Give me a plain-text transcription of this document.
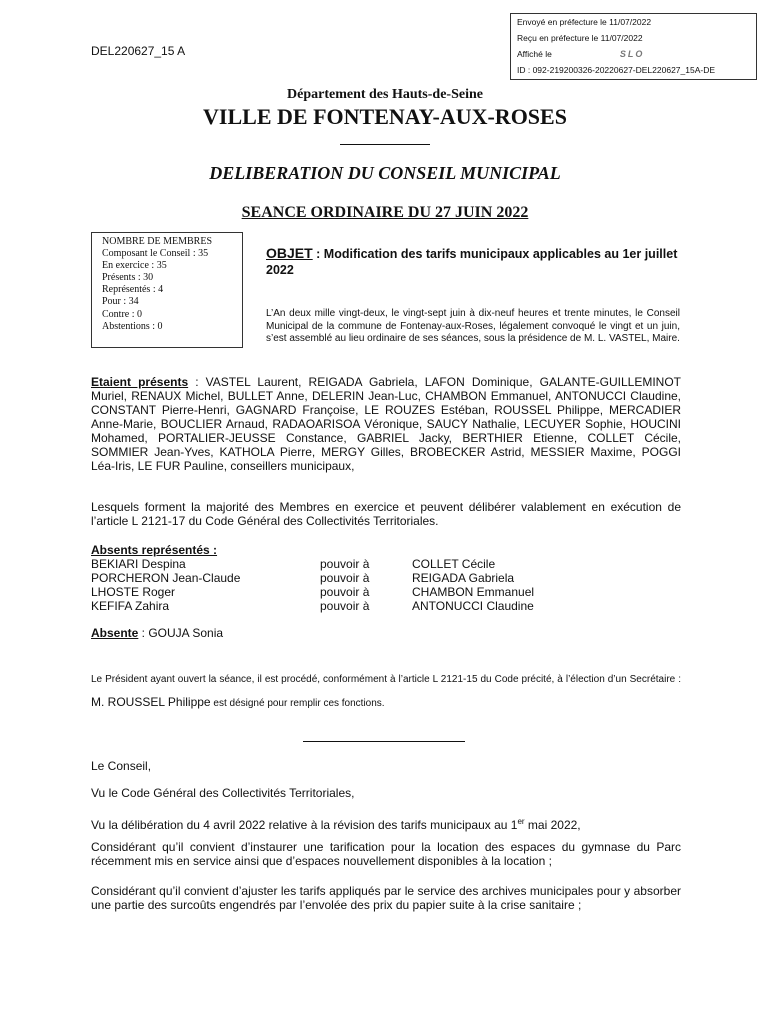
Envoyé en préfecture le 11/07/2022
Reçu en préfecture le 11/07/2022
Affiché le	SLO
ID : 092-219200326-20220627-DEL220627_15A-DE
DEL220627_15 A
Département des Hauts-de-Seine
VILLE DE FONTENAY-AUX-ROSES
DELIBERATION DU CONSEIL MUNICIPAL
SEANCE ORDINAIRE DU 27 JUIN 2022
NOMBRE DE MEMBRES
Composant le Conseil : 35
En exercice : 35
Présents : 30
Représentés : 4
Pour : 34
Contre : 0
Abstentions : 0
OBJET : Modification des tarifs municipaux applicables au 1er juillet 2022
L’An deux mille vingt-deux, le vingt-sept juin à dix-neuf heures et trente minutes, le Conseil Municipal de la commune de Fontenay-aux-Roses, légalement convoqué le vingt et un juin, s’est assemblé au lieu ordinaire de ses séances, sous la présidence de M. L. VASTEL, Maire.
Etaient présents : VASTEL Laurent, REIGADA Gabriela, LAFON Dominique, GALANTE-GUILLEMINOT Muriel, RENAUX Michel, BULLET Anne, DELERIN Jean-Luc, CHAMBON Emmanuel, ANTONUCCI Claudine, CONSTANT Pierre-Henri, GAGNARD Françoise, LE ROUZES Estéban, ROUSSEL Philippe, MERCADIER Anne-Marie, BOUCLIER Arnaud, RADAOARISOA Véronique, SAUCY Nathalie, LECUYER Sophie, HOUCINI Mohamed, PORTALIER-JEUSSE Constance, GABRIEL Jacky, BERTHIER Etienne, COLLET Cécile, SOMMIER Jean-Yves, KATHOLA Pierre, MERGY Gilles, BROBECKER Astrid, MESSIER Maxime, POGGI Léa-Iris, LE FUR Pauline, conseillers municipaux,
Lesquels forment la majorité des Membres en exercice et peuvent délibérer valablement en exécution de l’article L 2121-17 du Code Général des Collectivités Territoriales.
Absents représentés :
BEKIARI Despina	pouvoir à	COLLET Cécile
PORCHERON Jean-Claude	pouvoir à	REIGADA Gabriela
LHOSTE Roger	pouvoir à	CHAMBON Emmanuel
KEFIFA Zahira	pouvoir à	ANTONUCCI Claudine
Absente : GOUJA Sonia
Le Président ayant ouvert la séance, il est procédé, conformément à l’article L 2121-15 du Code précité, à l’élection d’un Secrétaire : M. ROUSSEL Philippe est désigné pour remplir ces fonctions.
Le Conseil,
Vu le Code Général des Collectivités Territoriales,
Vu la délibération du 4 avril 2022 relative à la révision des tarifs municipaux au 1er mai 2022,
Considérant qu’il convient d’instaurer une tarification pour la location des espaces du gymnase du Parc récemment mis en service ainsi que d’espaces nouvellement disponibles à la location ;
Considérant qu’il convient d’ajuster les tarifs appliqués par le service des archives municipales pour y absorber une partie des surcoûts engendrés par l’envolée des prix du papier suite à la crise sanitaire ;
